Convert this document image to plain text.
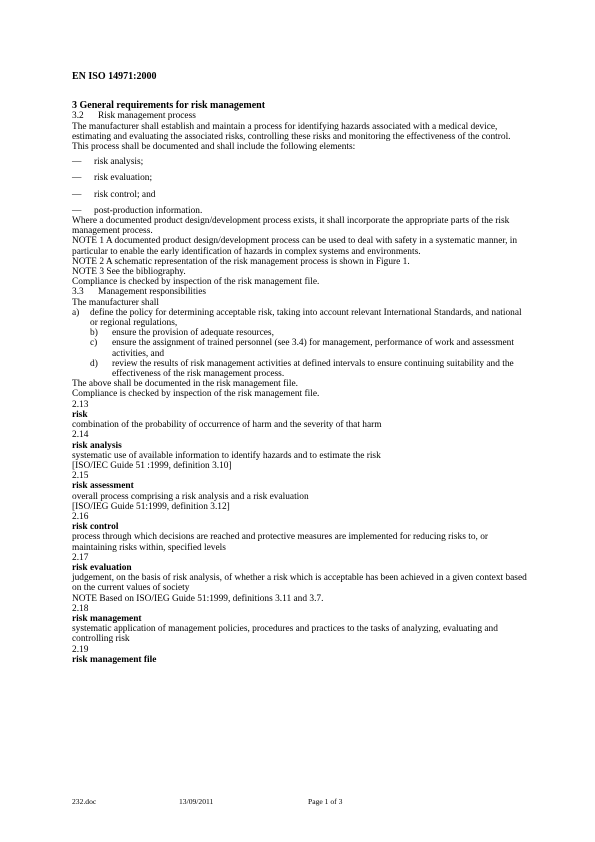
EN ISO 14971:2000

3 General requirements for risk management
3.2	Risk management process

The manufacturer shall establish and maintain a process for identifying hazards associated with a medical device, estimating and evaluating the associated risks, controlling these risks and monitoring the effectiveness of the control. This process shall be documented and shall include the following elements:

—	risk analysis;
—	risk evaluation;
—	risk control; and
—	post-production information.

Where a documented product design/development process exists, it shall incorporate the appropriate parts of the risk management process.

NOTE 1 A documented product design/development process can be used to deal with safety in a systematic manner, in particular to enable the early identification of hazards in complex systems and environments.

NOTE 2 A schematic representation of the risk management process is shown in Figure 1.

NOTE 3 See the bibliography.

Compliance is checked by inspection of the risk management file.

3.3	Management responsibilities

The manufacturer shall

a)	define the policy for determining acceptable risk, taking into account relevant International Standards, and national or regional regulations,
b)	ensure the provision of adequate resources,
c)	ensure the assignment of trained personnel (see 3.4) for management, performance of work and assessment activities, and
d)	review the results of risk management activities at defined intervals to ensure continuing suitability and the effectiveness of the risk management process.

The above shall be documented in the risk management file.

Compliance is checked by inspection of the risk management file.

2.13
risk
combination of the probability of occurrence of harm and the severity of that harm
2.14
risk analysis
systematic use of available information to identify hazards and to estimate the risk
[ISO/IEC Guide 51 :1999, definition 3.10]
2.15
risk assessment
overall process comprising a risk analysis and a risk evaluation
[ISO/IEG Guide 51:1999, definition 3.12]
2.16
risk control
process through which decisions are reached and protective measures are implemented for reducing risks to, or maintaining risks within, specified levels
2.17
risk evaluation
judgement, on the basis of risk analysis, of whether a risk which is acceptable has been achieved in a given context based on the current values of society
NOTE Based on ISO/IEG Guide 51:1999, definitions 3.11 and 3.7.
2.18
risk management
systematic application of management policies, procedures and practices to the tasks of analyzing, evaluating and controlling risk
2.19
risk management file
232.doc	13/09/2011	Page 1 of 3
